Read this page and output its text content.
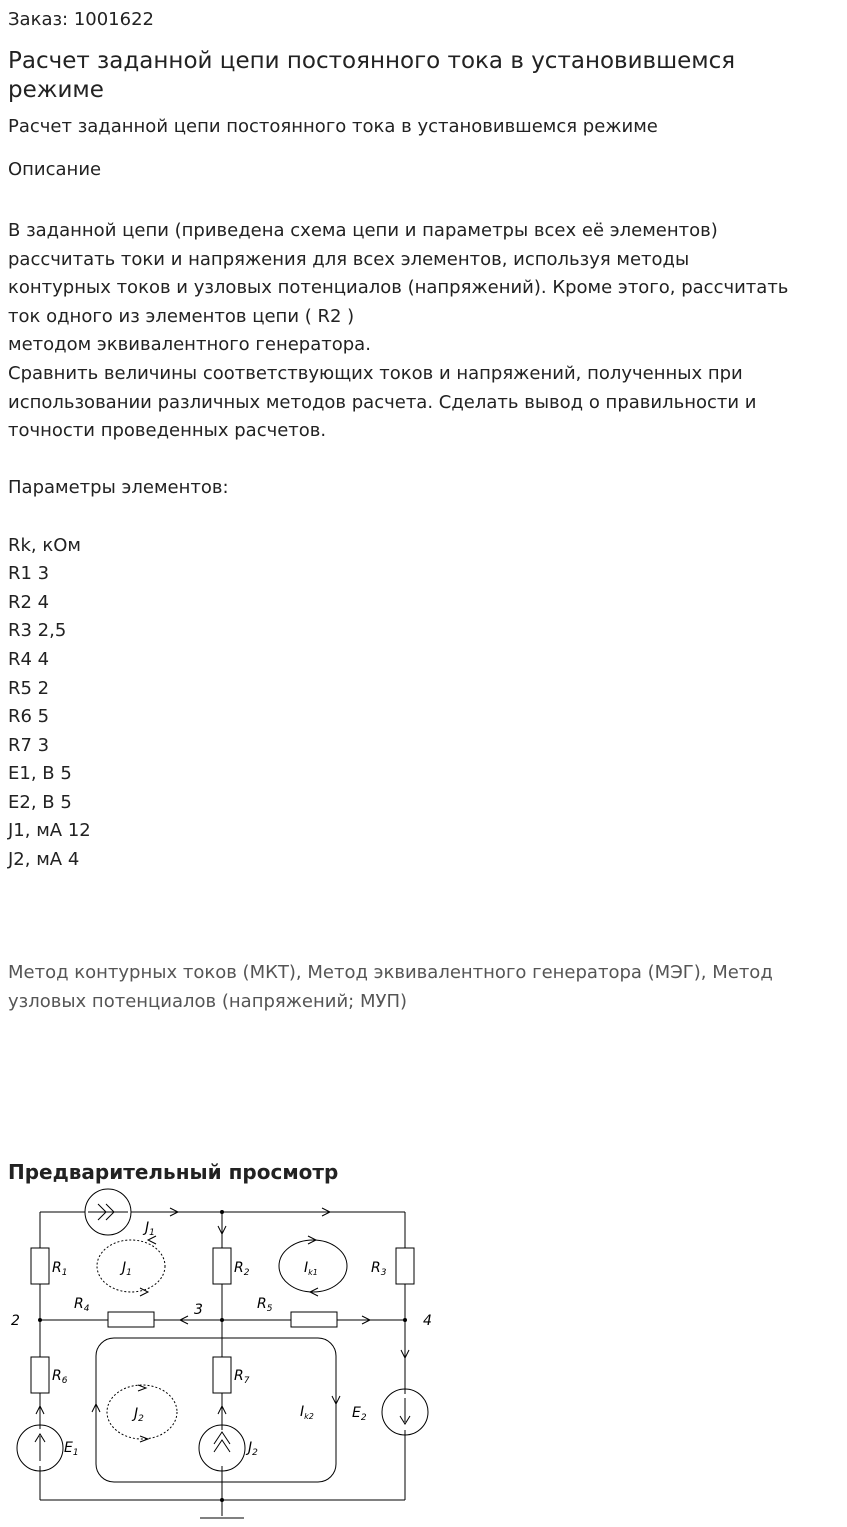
Заказ: 1001622
Расчет заданной цепи постоянного тока в установившемся режиме
Расчет заданной цепи постоянного тока в установившемся режиме
Описание
В заданной цепи (приведена схема цепи и параметры всех её элементов)
рассчитать токи и напряжения для всех элементов, используя методы
контурных токов и узловых потенциалов (напряжений). Кроме этого, рассчитать
ток одного из элементов цепи ( R2 )
методом эквивалентного генератора.
Сравнить величины соответствующих токов и напряжений, полученных при
использовании различных методов расчета. Сделать вывод о правильности и
точности проведенных расчетов.

Параметры элементов:

Rk, кОм
R1 3
R2 4
R3 2,5
R4 4
R5 2
R6 5
R7 3
E1, В 5
E2, В 5
J1, мА 12
J2, мА 4
Метод контурных токов (МКТ), Метод эквивалентного генератора (МЭГ), Метод узловых потенциалов (напряжений; МУП)
Предварительный просмотр
$R_1$	$R_2$	$R_3$
$R_4$	$R_5$
$R_6$	$R_7$
$E_1$
$E_2$
$J_1$
$J_1$
$J_2$
$J_2$
$I_{k1}$
$I_{k2}$
2
3
4
